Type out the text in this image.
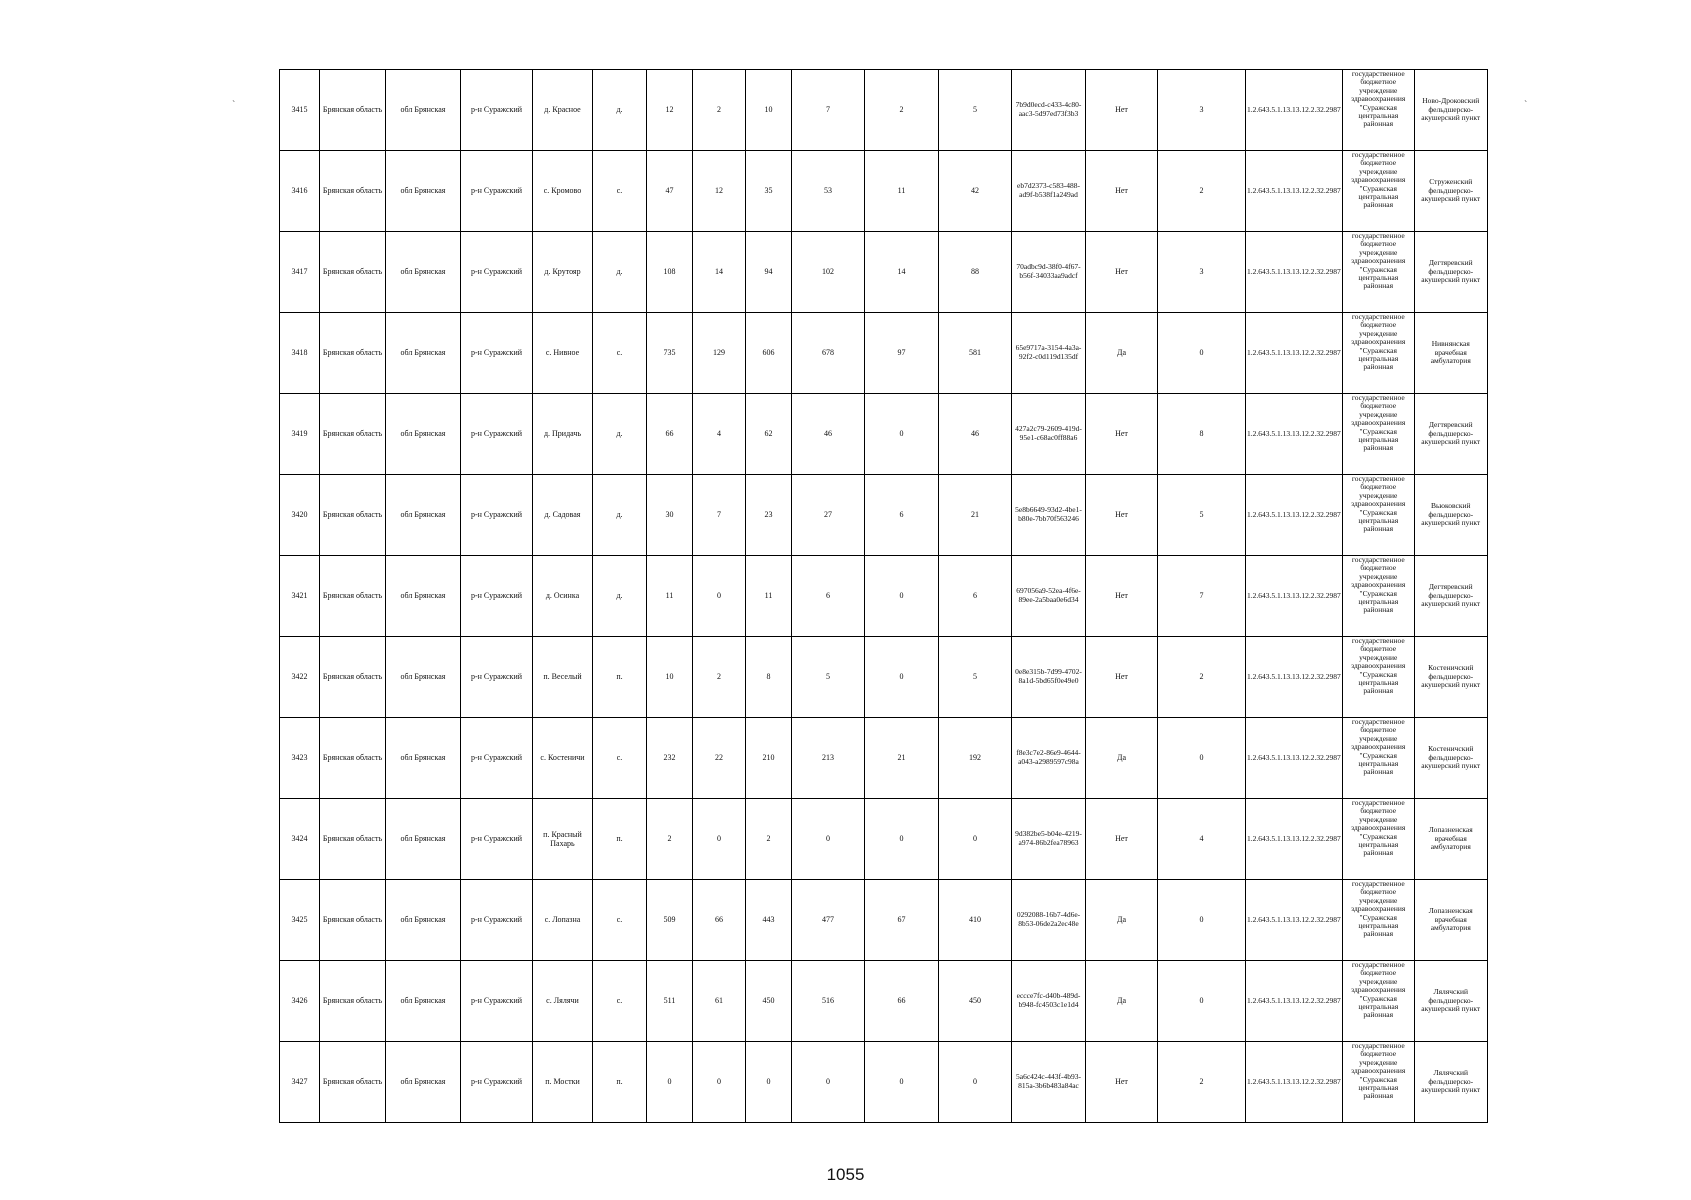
3415	Брянская область	обл Брянская	р-н Суражский	д. Красное	д.	12	2	10	7	2	5	7b9d0ecd-c433-4c80-aac3-5d97ed73f3b3	Нет	3	1.2.643.5.1.13.13.12.2.32.2987	государственное бюджетное учреждение здравоохранения "Суражская центральная районная	Ново-Дроковский фельдшерско-акушерский пункт
3416	Брянская область	обл Брянская	р-н Суражский	с. Кромово	с.	47	12	35	53	11	42	eb7d2373-c583-488-ad9f-b538f1a249ad	Нет	2	1.2.643.5.1.13.13.12.2.32.2987	государственное бюджетное учреждение здравоохранения "Суражская центральная районная	Струженский фельдшерско-акушерский пункт
3417	Брянская область	обл Брянская	р-н Суражский	д. Крутояр	д.	108	14	94	102	14	88	70adbc9d-38f0-4f67-b56f-34033aa9adcf	Нет	3	1.2.643.5.1.13.13.12.2.32.2987	государственное бюджетное учреждение здравоохранения "Суражская центральная районная	Дегтяревский фельдшерско-акушерский пункт
3418	Брянская область	обл Брянская	р-н Суражский	с. Нивное	с.	735	129	606	678	97	581	65e9717a-3154-4a3a-92f2-c0d119d135df	Да	0	1.2.643.5.1.13.13.12.2.32.2987	государственное бюджетное учреждение здравоохранения "Суражская центральная районная	Нивнянская врачебная амбулатория
3419	Брянская область	обл Брянская	р-н Суражский	д. Придачь	д.	66	4	62	46	0	46	427a2c79-2609-419d-95e1-c68ac0ff88a6	Нет	8	1.2.643.5.1.13.13.12.2.32.2987	государственное бюджетное учреждение здравоохранения "Суражская центральная районная	Дегтяревский фельдшерско-акушерский пункт
3420	Брянская область	обл Брянская	р-н Суражский	д. Садовая	д.	30	7	23	27	6	21	5e8b6649-93d2-4be1-b80e-7bb70f563246	Нет	5	1.2.643.5.1.13.13.12.2.32.2987	государственное бюджетное учреждение здравоохранения "Суражская центральная районная	Вьюковский фельдшерско-акушерский пункт
3421	Брянская область	обл Брянская	р-н Суражский	д. Осинка	д.	11	0	11	6	0	6	697056a9-52ea-4f6e-89ee-2a5baa0e6d34	Нет	7	1.2.643.5.1.13.13.12.2.32.2987	государственное бюджетное учреждение здравоохранения "Суражская центральная районная	Дегтяревский фельдшерско-акушерский пункт
3422	Брянская область	обл Брянская	р-н Суражский	п. Веселый	п.	10	2	8	5	0	5	0e8e315b-7d99-4702-8a1d-5bd65f0e49e0	Нет	2	1.2.643.5.1.13.13.12.2.32.2987	государственное бюджетное учреждение здравоохранения "Суражская центральная районная	Костеничский фельдшерско-акушерский пункт
3423	Брянская область	обл Брянская	р-н Суражский	с. Костеничи	с.	232	22	210	213	21	192	f8e3c7e2-86e9-4644-a043-a2989597c98a	Да	0	1.2.643.5.1.13.13.12.2.32.2987	государственное бюджетное учреждение здравоохранения "Суражская центральная районная	Костеничский фельдшерско-акушерский пункт
3424	Брянская область	обл Брянская	р-н Суражский	п. Красный Пахарь	п.	2	0	2	0	0	0	9d382be5-b04e-4219-a974-86b2fea78963	Нет	4	1.2.643.5.1.13.13.12.2.32.2987	государственное бюджетное учреждение здравоохранения "Суражская центральная районная	Лопазненская врачебная амбулатория
3425	Брянская область	обл Брянская	р-н Суражский	с. Лопазна	с.	509	66	443	477	67	410	0292088-16b7-4d6e-8b53-06de2a2ec48e	Да	0	1.2.643.5.1.13.13.12.2.32.2987	государственное бюджетное учреждение здравоохранения "Суражская центральная районная	Лопазненская врачебная амбулатория
3426	Брянская область	обл Брянская	р-н Суражский	с. Лялячи	с.	511	61	450	516	66	450	eccce7fc-d40b-489d-b948-fc4503c1e1d4	Да	0	1.2.643.5.1.13.13.12.2.32.2987	государственное бюджетное учреждение здравоохранения "Суражская центральная районная	Лялячский фельдшерско-акушерский пункт
3427	Брянская область	обл Брянская	р-н Суражский	п. Мостки	п.	0	0	0	0	0	0	5a6c424c-443f-4b93-815a-3b6b483a84ac	Нет	2	1.2.643.5.1.13.13.12.2.32.2987	государственное бюджетное учреждение здравоохранения "Суражская центральная районная	Лялячский фельдшерско-акушерский пункт
1055
`	`
